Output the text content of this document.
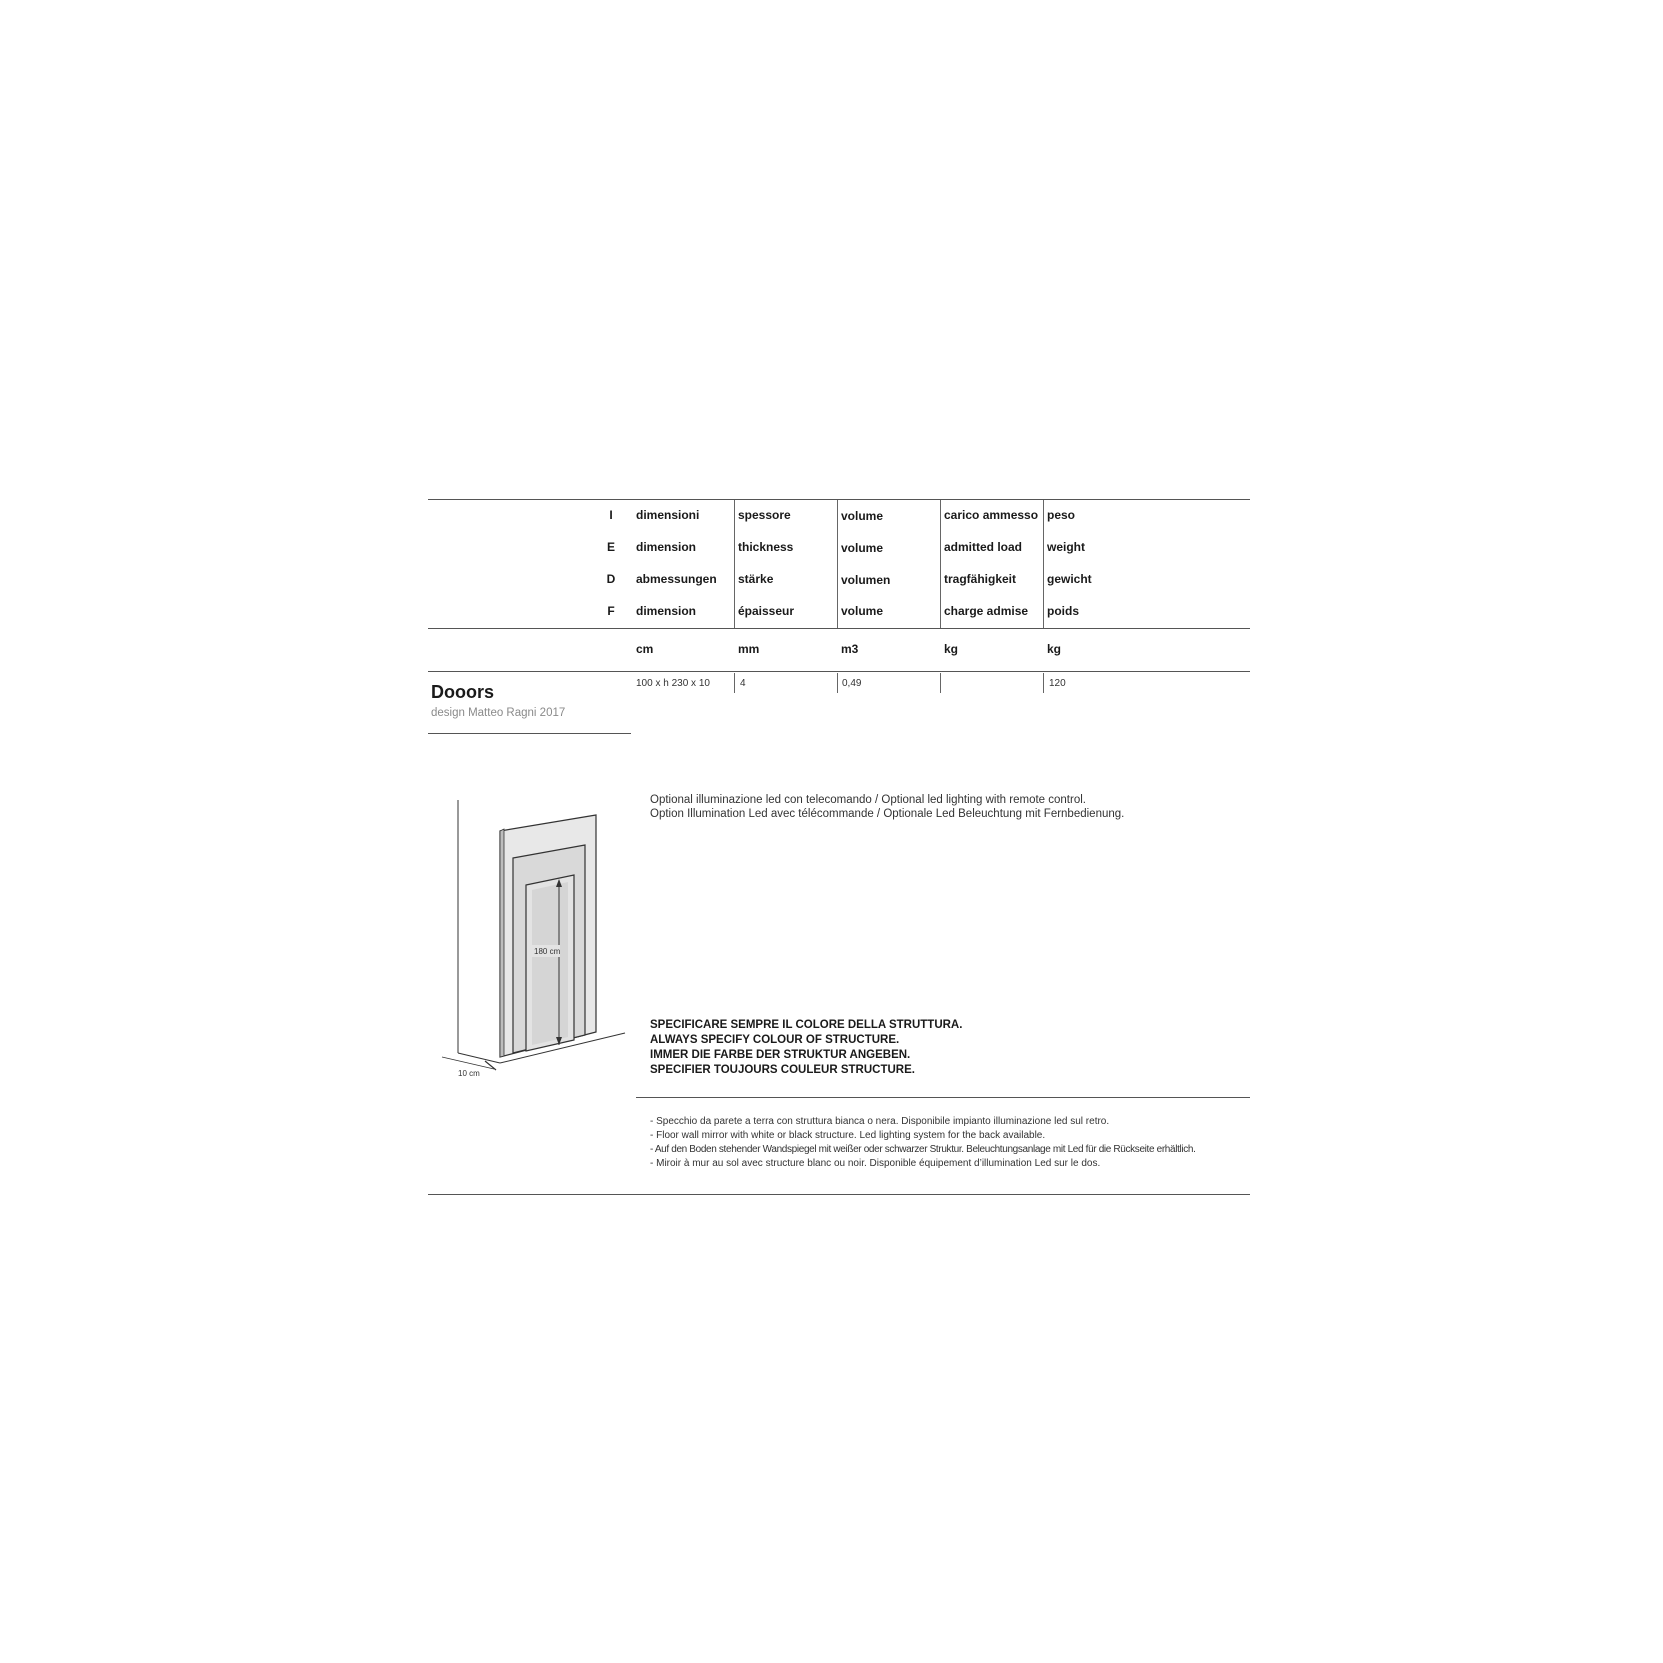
I
E
D
F
dimensioni
dimension
abmessungen
dimension
cm
100 x h 230 x 10
spessore
thickness
stärke
épaisseur
mm
4
volume
volume
volumen
volume
m3
0,49
carico ammesso
admitted load
tragfähigkeit
charge admise
kg
peso
weight
gewicht
poids
kg
120
Dooors
design Matteo Ragni 2017
180 cm
10 cm
Optional illuminazione led con telecomando / Optional led lighting with remote control.
Option Illumination Led avec télécommande / Optionale Led Beleuchtung mit Fernbedienung.
SPECIFICARE SEMPRE IL COLORE DELLA STRUTTURA.
ALWAYS SPECIFY COLOUR OF STRUCTURE.
IMMER DIE FARBE DER STRUKTUR ANGEBEN.
SPECIFIER TOUJOURS COULEUR STRUCTURE.
- Specchio da parete a terra con struttura bianca o nera. Disponibile impianto illuminazione led sul retro.
- Floor wall mirror with white or black structure. Led lighting system for the back available.
- Auf den Boden stehender Wandspiegel mit weißer oder schwarzer Struktur. Beleuchtungsanlage mit Led für die Rückseite erhältlich.
- Miroir à mur au sol avec structure blanc ou noir. Disponible équipement d’illumination Led sur le dos.
